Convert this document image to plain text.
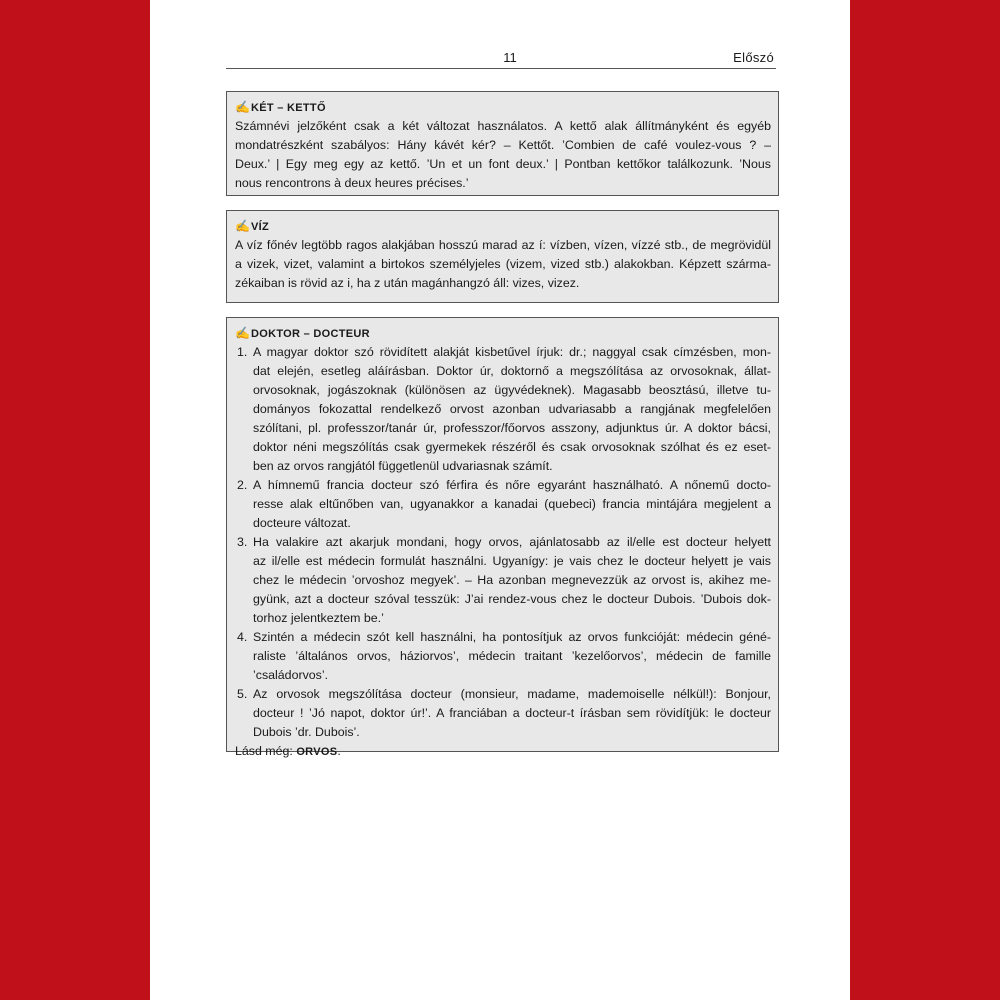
11	Előszó
✍KÉT – KETTŐ
Számnévi jelzőként csak a két változat használatos. A kettő alak állítmányként és egyéb
mondatrészként szabályos: Hány kávét kér? – Kettőt. ’Combien de café voulez-vous ? –
Deux.’ | Egy meg egy az kettő. ’Un et un font deux.’ | Pontban kettőkor találkozunk. ’Nous
nous rencontrons à deux heures précises.’
✍VÍZ
A víz főnév legtöbb ragos alakjában hosszú marad az í: vízben, vízen, vízzé stb., de megrövidül
a vizek, vizet, valamint a birtokos személyjeles (vizem, vized stb.) alakokban. Képzett szárma-
zékaiban is rövid az i, ha z után magánhangzó áll: vizes, vizez.
✍DOKTOR – DOCTEUR
1. A magyar doktor szó rövidített alakját kisbetűvel írjuk: dr.; naggyal csak címzésben, mon-
dat elején, esetleg aláírásban. Doktor úr, doktornő a megszólítása az orvosoknak, állat-
orvosoknak, jogászoknak (különösen az ügyvédeknek). Magasabb beosztású, illetve tu-
dományos fokozattal rendelkező orvost azonban udvariasabb a rangjának megfelelően
szólítani, pl. professzor/tanár úr, professzor/főorvos asszony, adjunktus úr. A doktor bácsi,
doktor néni megszólítás csak gyermekek részéről és csak orvosoknak szólhat és ez eset-
ben az orvos rangjától függetlenül udvariasnak számít.
2. A hímnemű francia docteur szó férfira és nőre egyaránt használható. A nőnemű docto-
resse alak eltűnőben van, ugyanakkor a kanadai (quebeci) francia mintájára megjelent a
docteure változat.
3. Ha valakire azt akarjuk mondani, hogy orvos, ajánlatosabb az il/elle est docteur helyett
az il/elle est médecin formulát használni. Ugyanígy: je vais chez le docteur helyett je vais
chez le médecin ’orvoshoz megyek’. – Ha azonban megnevezzük az orvost is, akihez me-
gyünk, azt a docteur szóval tesszük: J’ai rendez-vous chez le docteur Dubois. ’Dubois dok-
torhoz jelentkeztem be.’
4. Szintén a médecin szót kell használni, ha pontosítjuk az orvos funkcióját: médecin géné-
raliste ’általános orvos, háziorvos’, médecin traitant ’kezelőorvos’, médecin de famille
’családorvos’.
5. Az orvosok megszólítása docteur (monsieur, madame, mademoiselle nélkül!): Bonjour,
docteur ! ’Jó napot, doktor úr!’. A franciában a docteur-t írásban sem rövidítjük: le docteur
Dubois ’dr. Dubois’.
Lásd még: ORVOS.
